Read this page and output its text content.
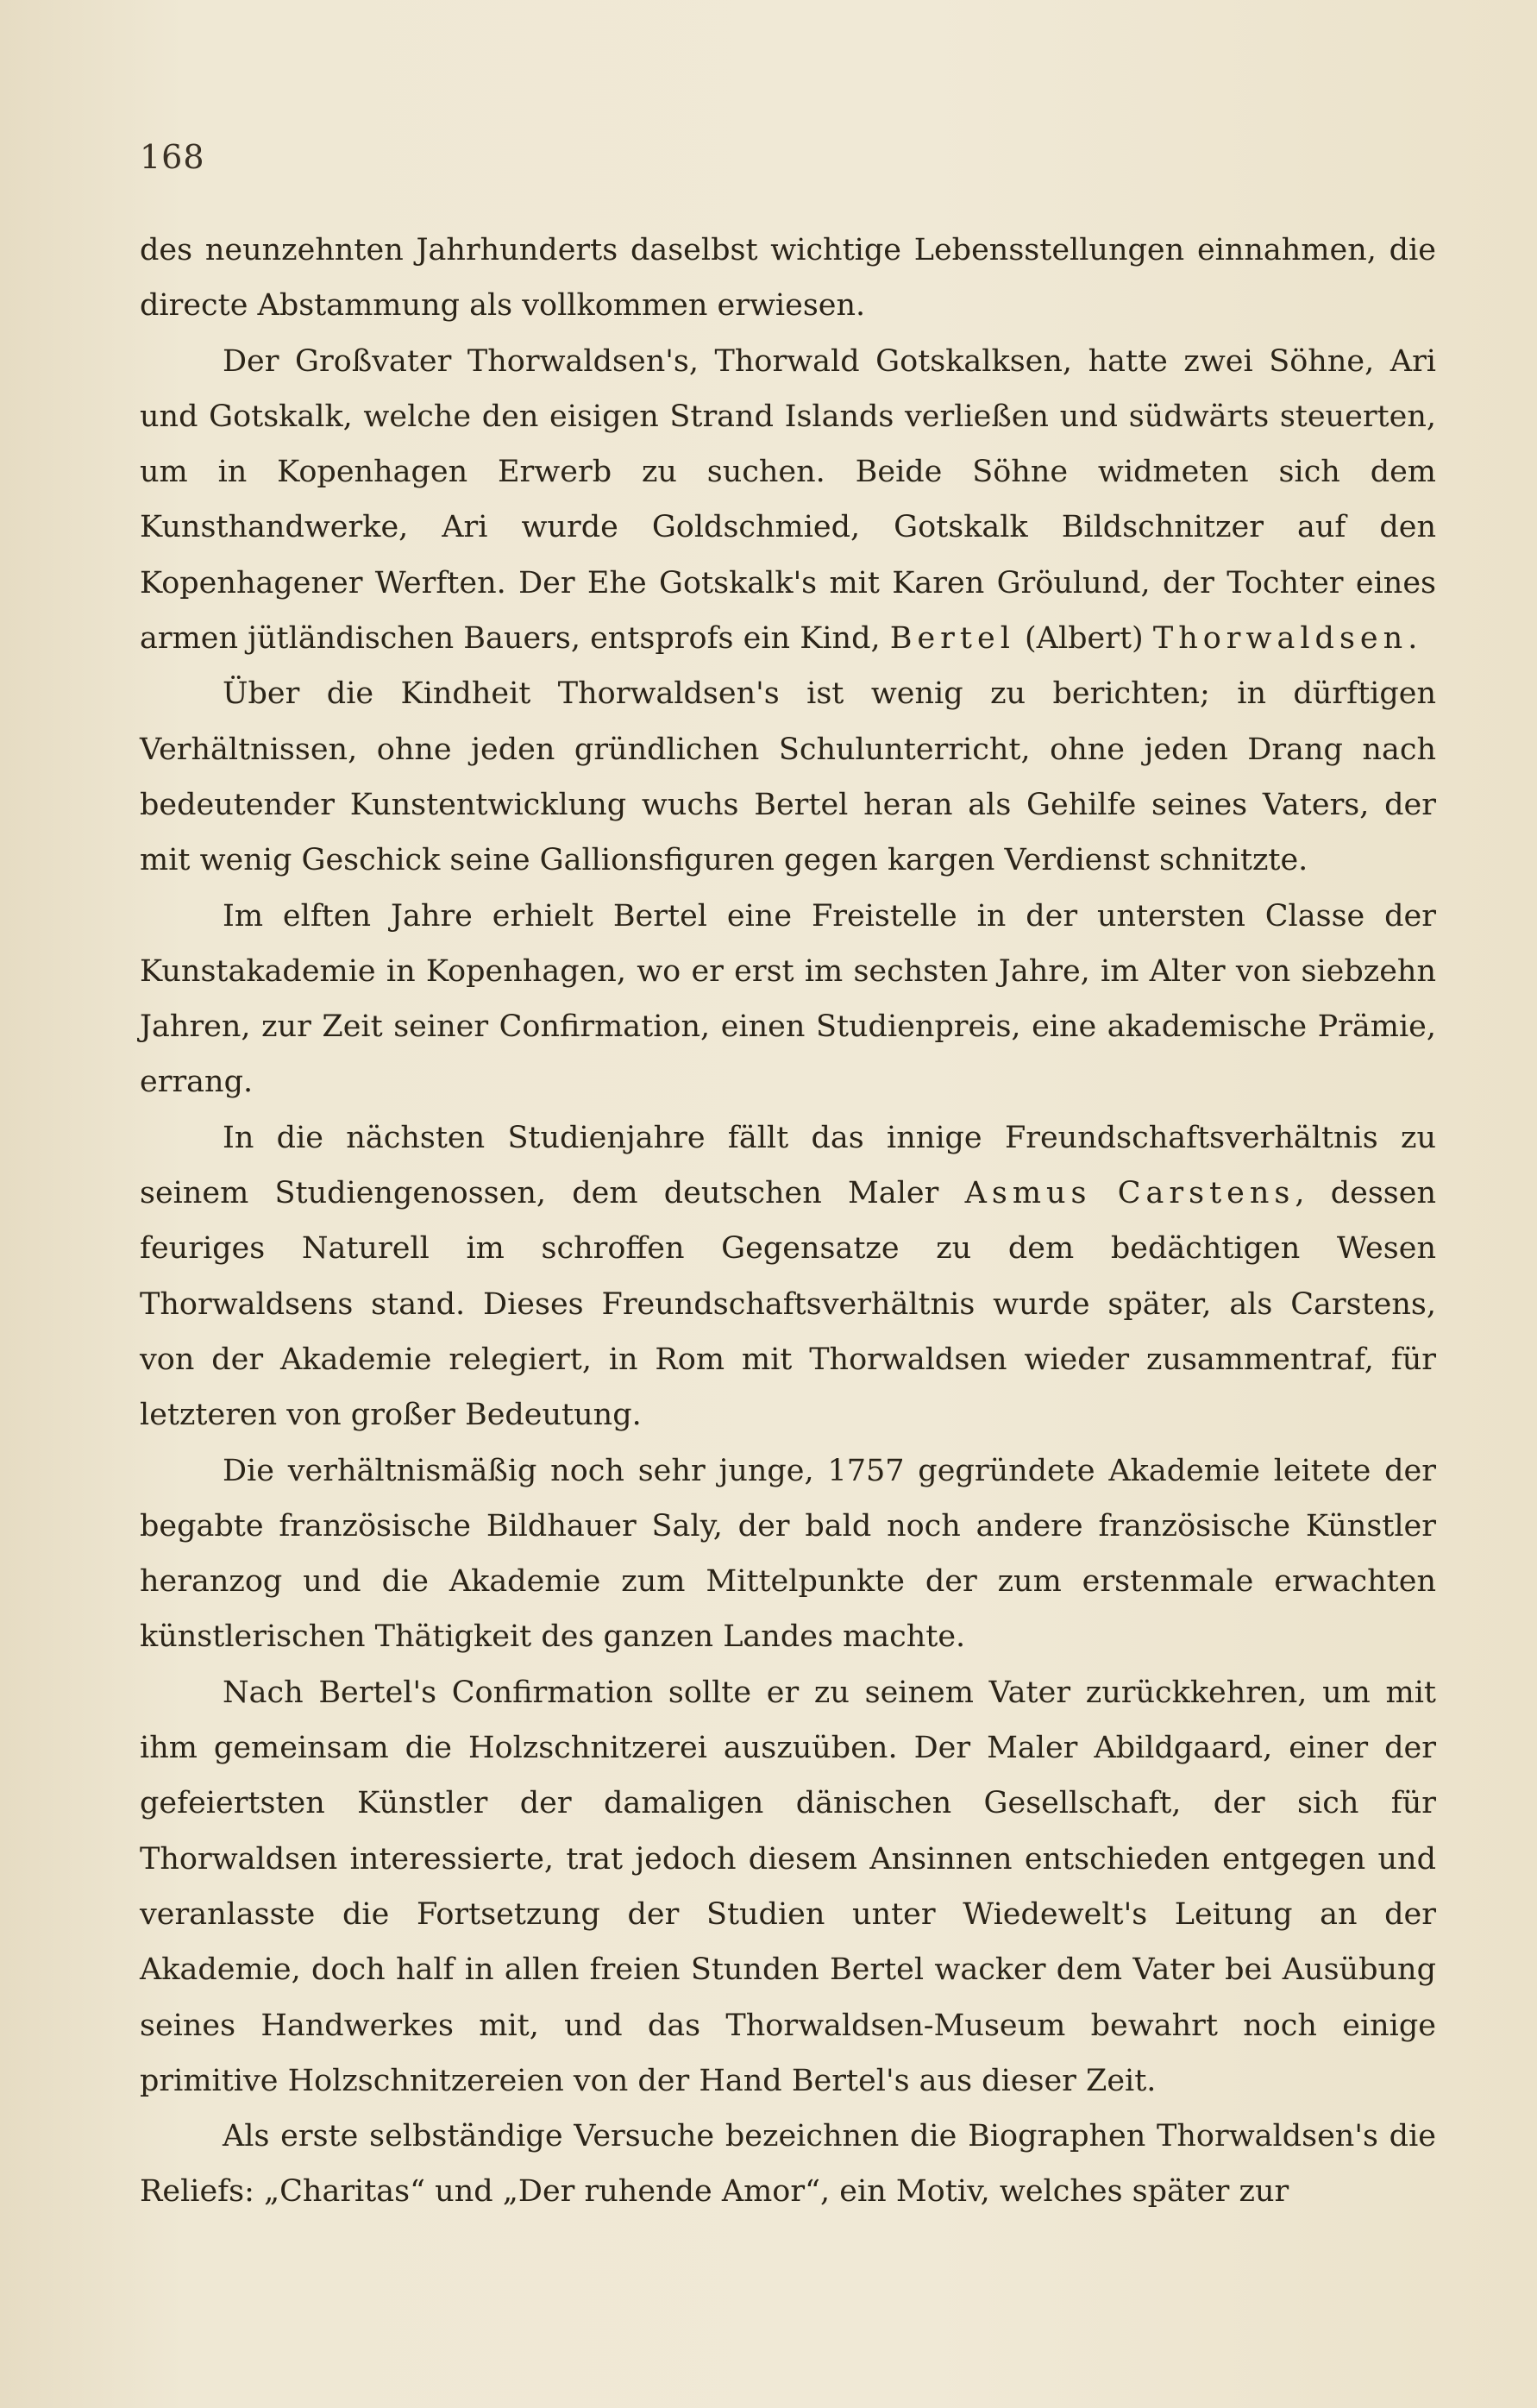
168

des neunzehnten Jahrhunderts daselbst wichtige Lebensstellungen einnahmen, die directe Abstammung als vollkommen erwiesen.

Der Großvater Thorwaldsen's, Thorwald Gotskalksen, hatte zwei Söhne, Ari und Gotskalk, welche den eisigen Strand Islands verließen und südwärts steuerten, um in Kopenhagen Erwerb zu suchen. Beide Söhne widmeten sich dem Kunsthandwerke, Ari wurde Goldschmied, Gotskalk Bildschnitzer auf den Kopenhagener Werften. Der Ehe Gotskalk's mit Karen Gröulund, der Tochter eines armen jütländischen Bauers, entsprofs ein Kind, Bertel (Albert) Thorwaldsen.

Über die Kindheit Thorwaldsen's ist wenig zu berichten; in dürftigen Verhältnissen, ohne jeden gründlichen Schulunterricht, ohne jeden Drang nach bedeutender Kunstentwicklung wuchs Bertel heran als Gehilfe seines Vaters, der mit wenig Geschick seine Gallionsfiguren gegen kargen Verdienst schnitzte.

Im elften Jahre erhielt Bertel eine Freistelle in der untersten Classe der Kunstakademie in Kopenhagen, wo er erst im sechsten Jahre, im Alter von siebzehn Jahren, zur Zeit seiner Confirmation, einen Studienpreis, eine akademische Prämie, errang.

In die nächsten Studienjahre fällt das innige Freundschaftsverhältnis zu seinem Studiengenossen, dem deutschen Maler Asmus Carstens, dessen feuriges Naturell im schroffen Gegensatze zu dem bedächtigen Wesen Thorwaldsens stand. Dieses Freundschaftsverhältnis wurde später, als Carstens, von der Akademie relegiert, in Rom mit Thorwaldsen wieder zusammentraf, für letzteren von großer Bedeutung.

Die verhältnismäßig noch sehr junge, 1757 gegründete Akademie leitete der begabte französische Bildhauer Saly, der bald noch andere französische Künstler heranzog und die Akademie zum Mittelpunkte der zum erstenmale erwachten künstlerischen Thätigkeit des ganzen Landes machte.

Nach Bertel's Confirmation sollte er zu seinem Vater zurückkehren, um mit ihm gemeinsam die Holzschnitzerei auszuüben. Der Maler Abildgaard, einer der gefeiertsten Künstler der damaligen dänischen Gesellschaft, der sich für Thorwaldsen interessierte, trat jedoch diesem Ansinnen entschieden entgegen und veranlasste die Fortsetzung der Studien unter Wiedewelt's Leitung an der Akademie, doch half in allen freien Stunden Bertel wacker dem Vater bei Ausübung seines Handwerkes mit, und das Thorwaldsen-Museum bewahrt noch einige primitive Holzschnitzereien von der Hand Bertel's aus dieser Zeit.

Als erste selbständige Versuche bezeichnen die Biographen Thorwaldsen's die Reliefs: „Charitas“ und „Der ruhende Amor“, ein Motiv, welches später zur
